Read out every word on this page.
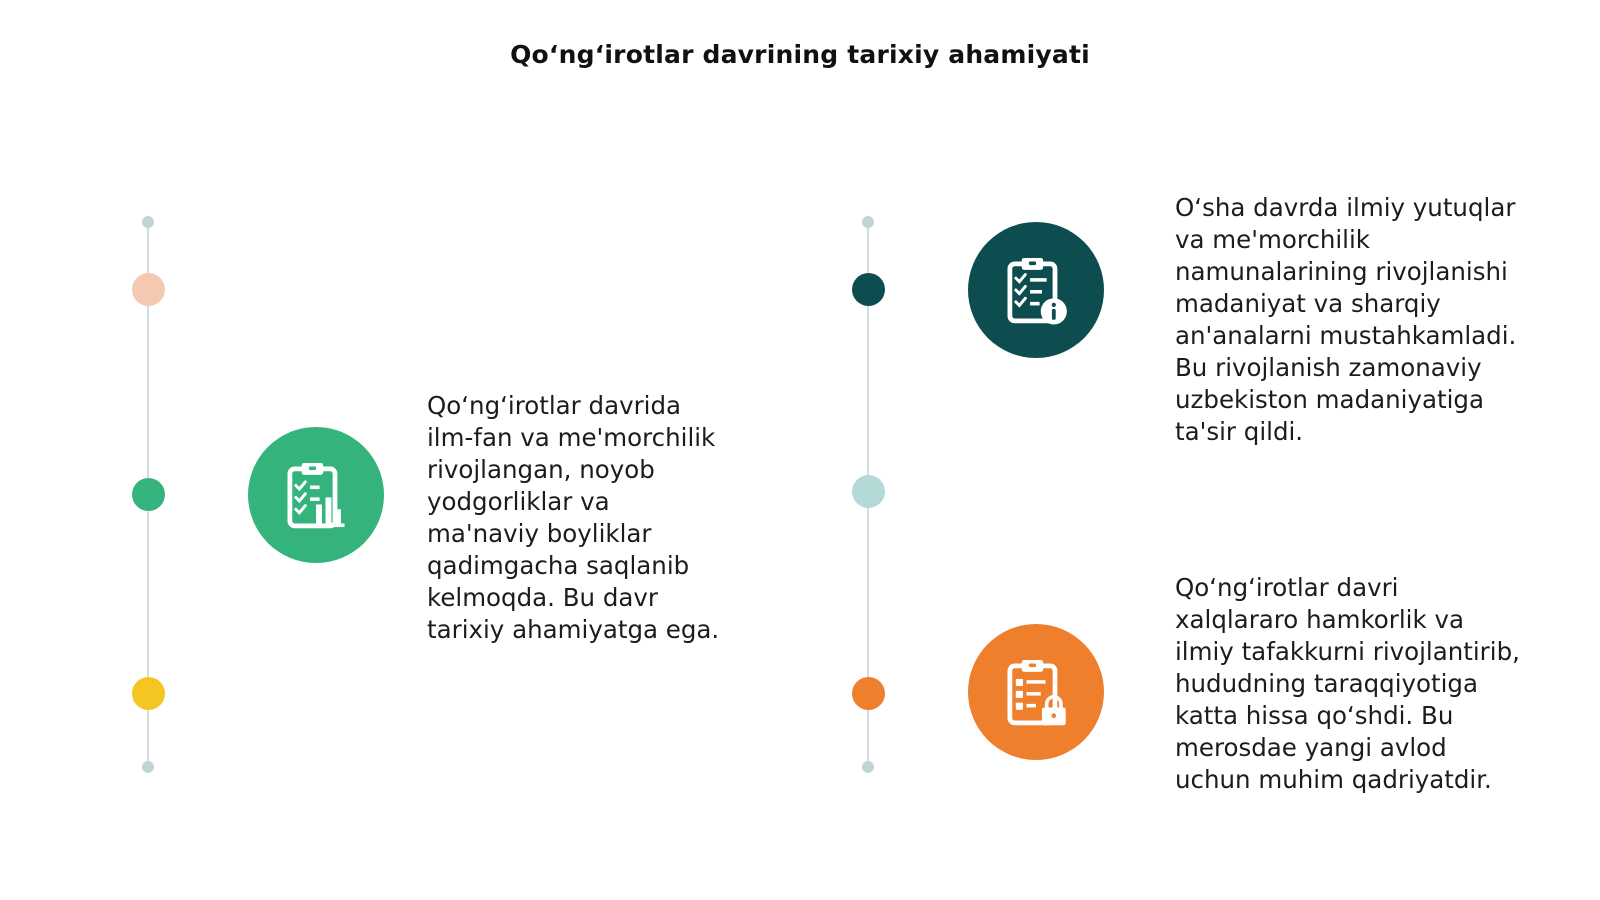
Qo‘ng‘irotlar davrining tarixiy ahamiyati
Qo‘ng‘irotlar davrida
ilm-fan va me'morchilik
rivojlangan, noyob
yodgorliklar va
ma'naviy boyliklar
qadimgacha saqlanib
kelmoqda. Bu davr
tarixiy ahamiyatga ega.
O‘sha davrda ilmiy yutuqlar
va me'morchilik
namunalarining rivojlanishi
madaniyat va sharqiy
an'analarni mustahkamladi.
Bu rivojlanish zamonaviy
uzbekiston madaniyatiga
ta'sir qildi.
Qo‘ng‘irotlar davri
xalqlararo hamkorlik va
ilmiy tafakkurni rivojlantirib,
hududning taraqqiyotiga
katta hissa qo‘shdi. Bu
merosdae yangi avlod
uchun muhim qadriyatdir.
